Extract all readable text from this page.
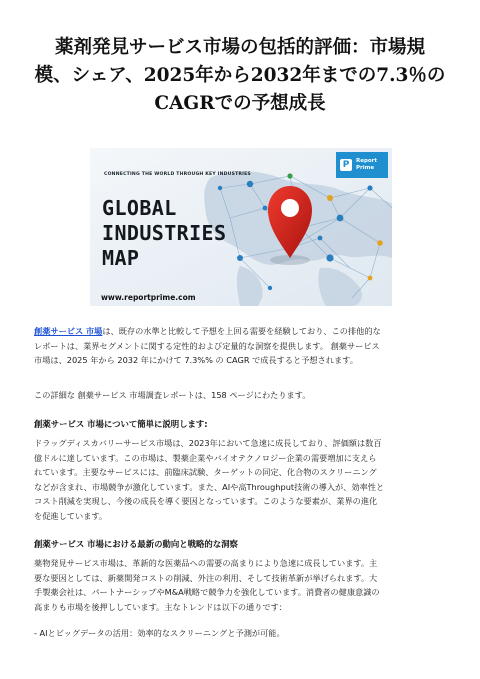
薬剤発見サービス市場の包括的評価：市場規
模、シェア、2025年から2032年までの7.3％の
CAGRでの予想成長
P	Report
Prime
CONNECTING THE WORLD THROUGH KEY INDUSTRIES
GLOBAL
INDUSTRIES
MAP
www.reportprime.com
創薬サービス 市場は、既存の水準と比較して予想を上回る需要を経験しており、この排他的な
レポートは、業界セグメントに関する定性的および定量的な洞察を提供します。 創薬サービス
市場は、2025 年から 2032 年にかけて 7.3%% の CAGR で成長すると予想されます。
この詳細な 創薬サービス 市場調査レポートは、158 ページにわたります。
創薬サービス 市場について簡単に説明します:
ドラッグディスカバリーサービス市場は、2023年において急速に成長しており、評価額は数百
億ドルに達しています。この市場は、製薬企業やバイオテクノロジー企業の需要増加に支えら
れています。主要なサービスには、前臨床試験、ターゲットの同定、化合物のスクリーニング
などが含まれ、市場競争が激化しています。また、AIや高Throughput技術の導入が、効率性と
コスト削減を実現し、今後の成長を導く要因となっています。このような要素が、業界の進化
を促進しています。
創薬サービス 市場における最新の動向と戦略的な洞察
薬物発見サービス市場は、革新的な医薬品への需要の高まりにより急速に成長しています。主
要な要因としては、新薬開発コストの削減、外注の利用、そして技術革新が挙げられます。大
手製薬会社は、パートナーシップやM&A戦略で競争力を強化しています。消費者の健康意識の
高まりも市場を後押ししています。主なトレンドは以下の通りです：
- AIとビッグデータの活用：効率的なスクリーニングと予測が可能。
